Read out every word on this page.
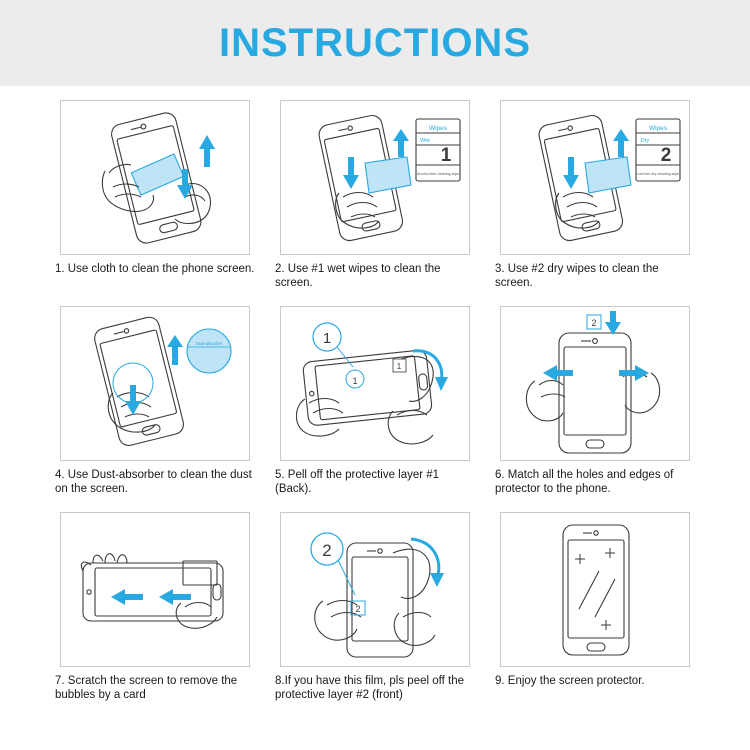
INSTRUCTIONS
1. Use cloth to clean the phone screen.
Wipes
Wet
1
Alcohol-free cleaning wipe
2. Use #1 wet wipes to clean the screen.
Wipes
Dry
2
Lint-free dry cleaning wipe
3. Use #2 dry wipes to clean the screen.
Dust-absorber
4. Use Dust-absorber to clean the dust on the screen.
1
1
1
5. Pell off the protective layer #1 (Back).
2
6. Match all the holes and edges of protector to the phone.
7. Scratch the screen to remove the bubbles by a card
2
2
8.If you have this film, pls peel off the protective layer #2 (front)
9. Enjoy the screen protector.
